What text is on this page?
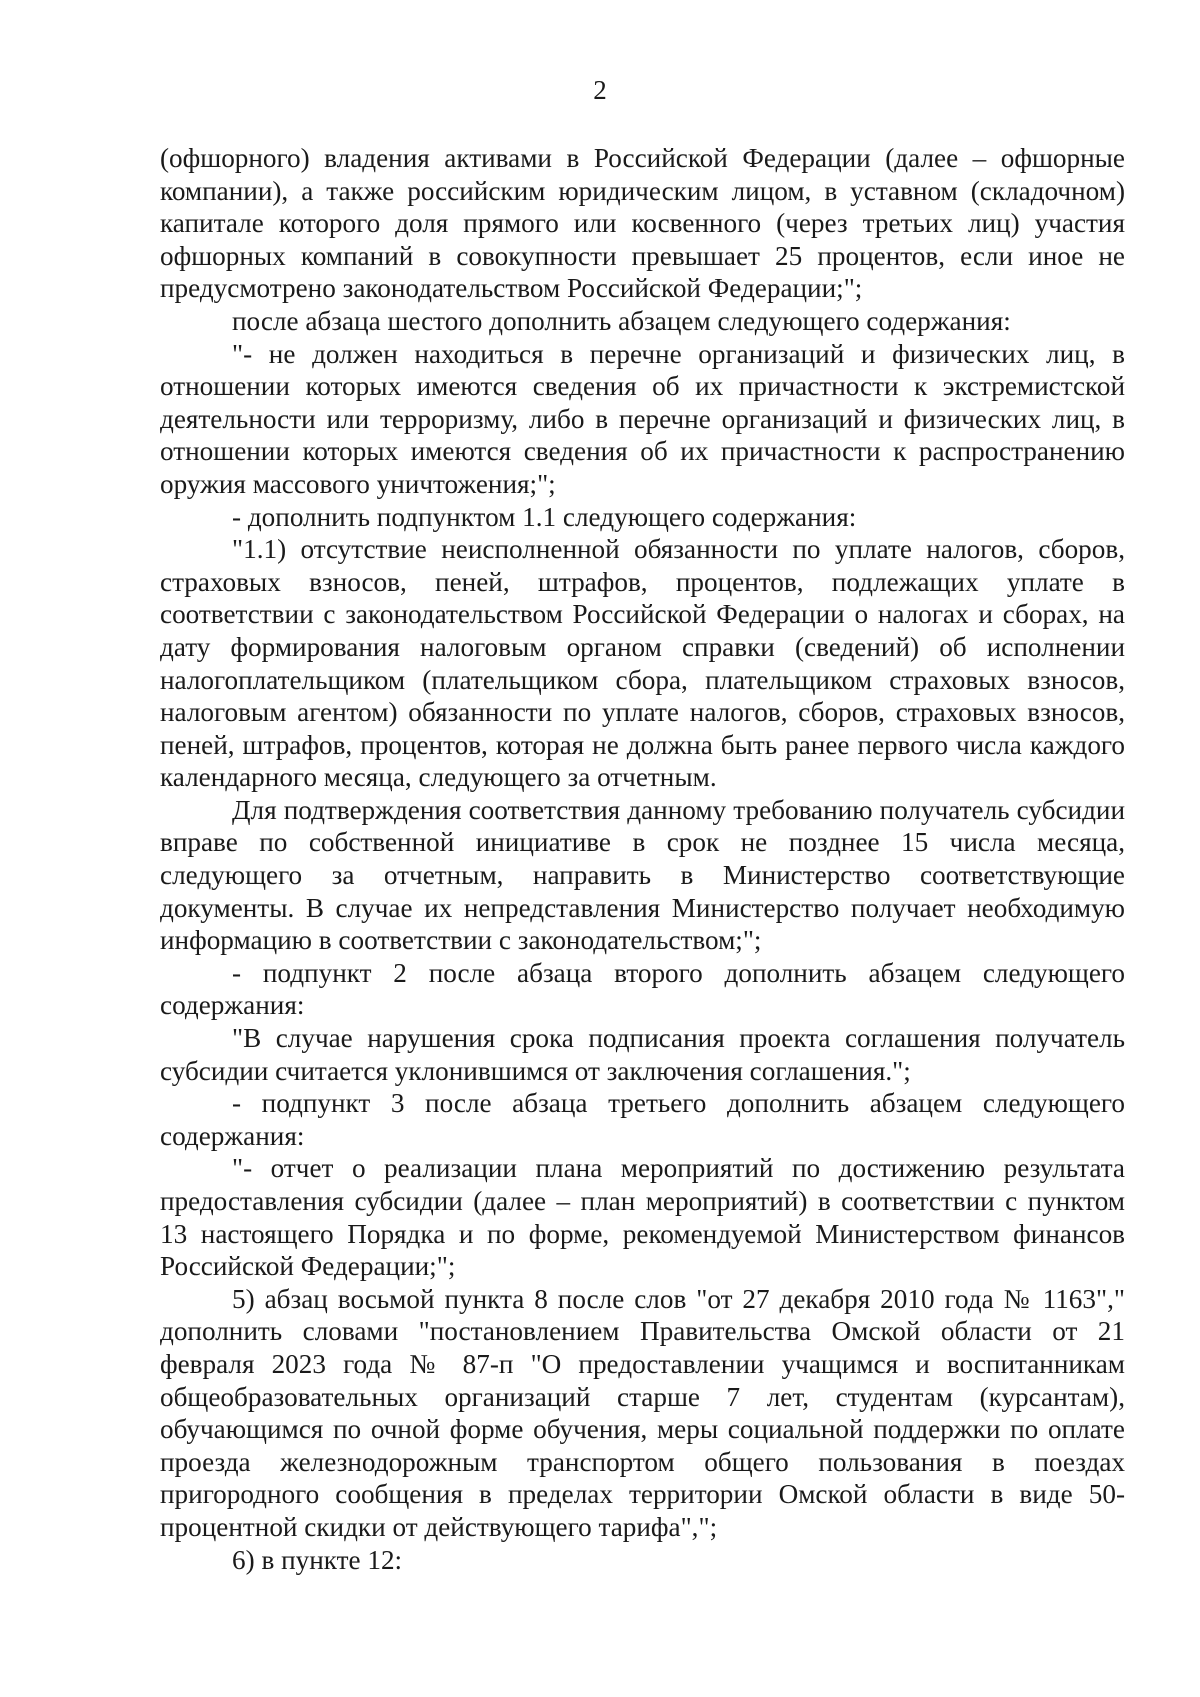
2

(офшорного) владения активами в Российской Федерации (далее – офшорные компании), а также российским юридическим лицом, в уставном (складочном) капитале которого доля прямого или косвенного (через третьих лиц) участия офшорных компаний в совокупности превышает 25 процентов, если иное не предусмотрено законодательством Российской Федерации;";

после абзаца шестого дополнить абзацем следующего содержания:

"- не должен находиться в перечне организаций и физических лиц, в отношении которых имеются сведения об их причастности к экстремистской деятельности или терроризму, либо в перечне организаций и физических лиц, в отношении которых имеются сведения об их причастности к распространению оружия массового уничтожения;";

- дополнить подпунктом 1.1 следующего содержания:

"1.1) отсутствие неисполненной обязанности по уплате налогов, сборов, страховых взносов, пеней, штрафов, процентов, подлежащих уплате в соответствии с законодательством Российской Федерации о налогах и сборах, на дату формирования налоговым органом справки (сведений) об исполнении налогоплательщиком (плательщиком сбора, плательщиком страховых взносов, налоговым агентом) обязанности по уплате налогов, сборов, страховых взносов, пеней, штрафов, процентов, которая не должна быть ранее первого числа каждого календарного месяца, следующего за отчетным.

Для подтверждения соответствия данному требованию получатель субсидии вправе по собственной инициативе в срок не позднее 15 числа месяца, следующего за отчетным, направить в Министерство соответствующие документы. В случае их непредставления Министерство получает необходимую информацию в соответствии с законодательством;";

- подпункт 2 после абзаца второго дополнить абзацем следующего содержания:

"В случае нарушения срока подписания проекта соглашения получатель субсидии считается уклонившимся от заключения соглашения.";

- подпункт 3 после абзаца третьего дополнить абзацем следующего содержания:

"- отчет о реализации плана мероприятий по достижению результата предоставления субсидии (далее – план мероприятий) в соответствии с пунктом 13 настоящего Порядка и по форме, рекомендуемой Министерством финансов Российской Федерации;";

5) абзац восьмой пункта 8 после слов "от 27 декабря 2010 года № 1163"," дополнить словами "постановлением Правительства Омской области от 21 февраля 2023 года № 87-п "О предоставлении учащимся и воспитанникам общеобразовательных организаций старше 7 лет, студентам (курсантам), обучающимся по очной форме обучения, меры социальной поддержки по оплате проезда железнодорожным транспортом общего пользования в поездах пригородного сообщения в пределах территории Омской области в виде 50-процентной скидки от действующего тарифа",";

6) в пункте 12:
